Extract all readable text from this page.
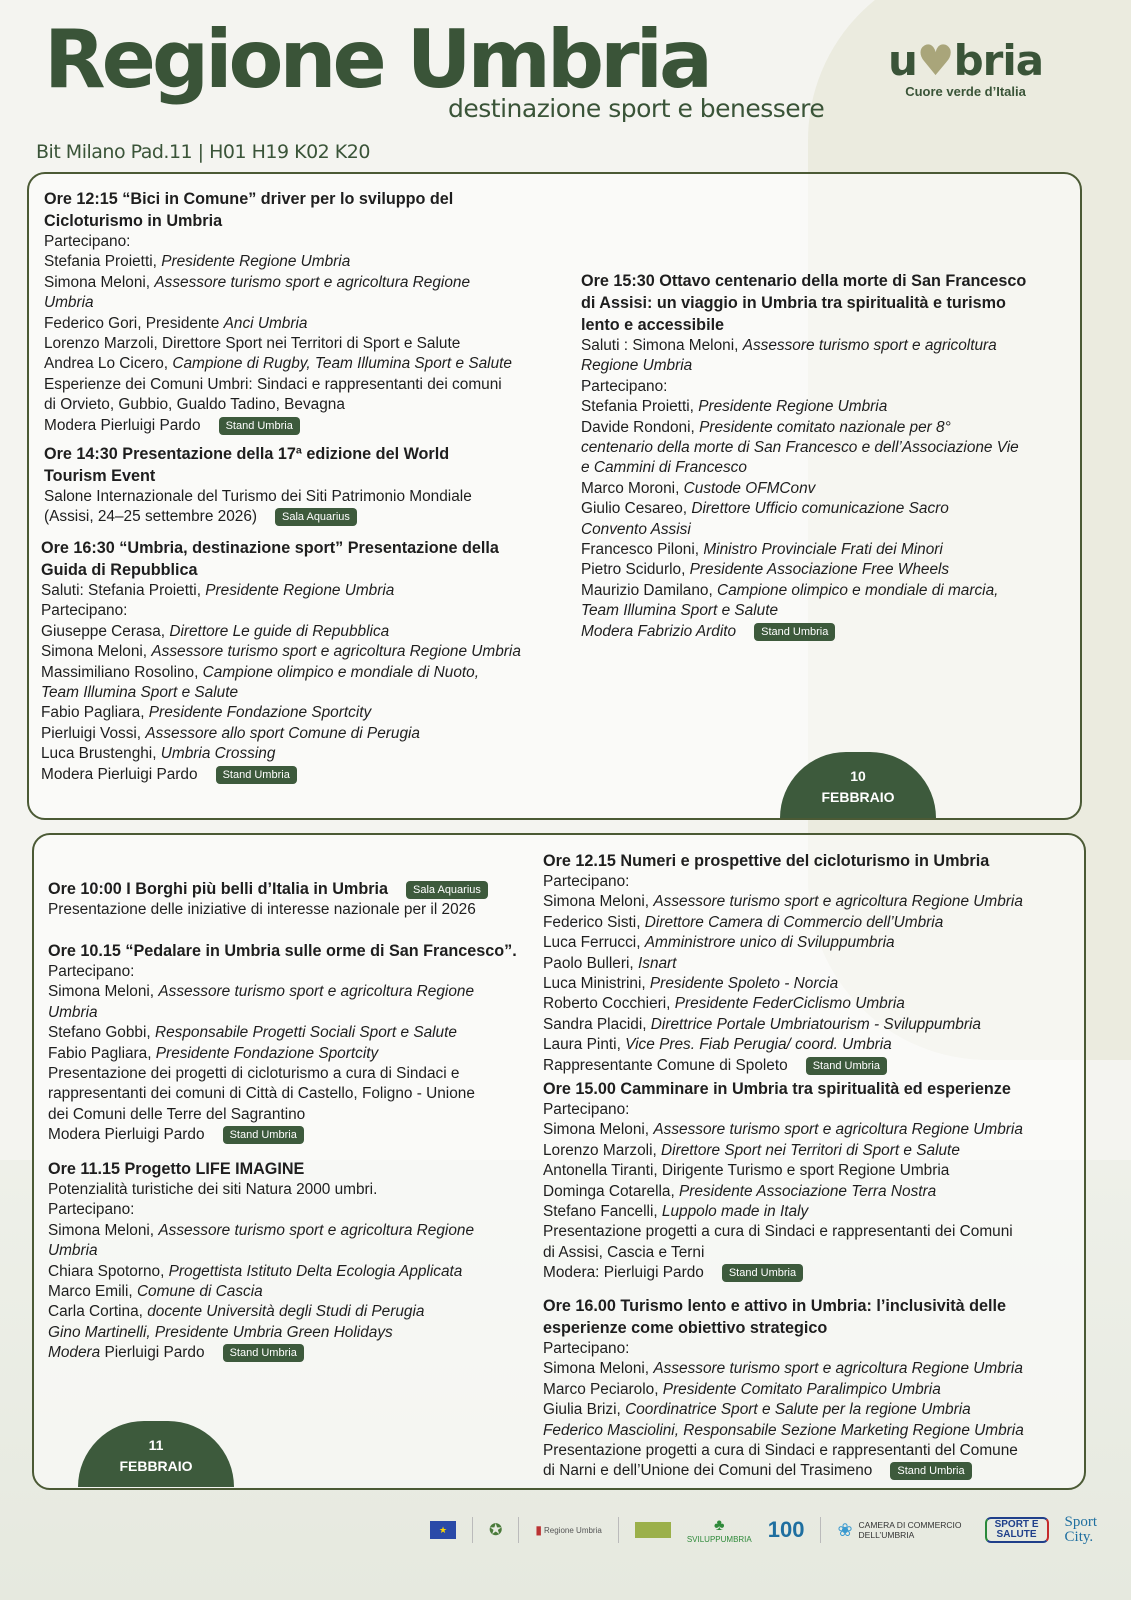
Regione Umbria
destinazione sport e benessere
Bit Milano Pad.11 | H01 H19 K02 K20
u♥bria
Cuore verde d’Italia
Ore 12:15 “Bici in Comune” driver per lo sviluppo del
Cicloturismo in Umbria
Partecipano:
Stefania Proietti, Presidente Regione Umbria
Simona Meloni, Assessore turismo sport e agricoltura Regione
Umbria
Federico Gori, Presidente Anci Umbria
Lorenzo Marzoli, Direttore Sport nei Territori di Sport e Salute
Andrea Lo Cicero, Campione di Rugby, Team Illumina Sport e Salute
Esperienze dei Comuni Umbri: Sindaci e rappresentanti dei comuni
di Orvieto, Gubbio, Gualdo Tadino, Bevagna
Modera Pierluigi Pardo Stand Umbria
Ore 14:30 Presentazione della 17ª edizione del World
Tourism Event
Salone Internazionale del Turismo dei Siti Patrimonio Mondiale
(Assisi, 24–25 settembre 2026) Sala Aquarius
Ore 16:30 “Umbria, destinazione sport” Presentazione della
Guida di Repubblica
Saluti: Stefania Proietti, Presidente Regione Umbria
Partecipano:
Giuseppe Cerasa, Direttore Le guide di Repubblica
Simona Meloni, Assessore turismo sport e agricoltura Regione Umbria
Massimiliano Rosolino, Campione olimpico e mondiale di Nuoto,
Team Illumina Sport e Salute
Fabio Pagliara, Presidente Fondazione Sportcity
Pierluigi Vossi, Assessore allo sport Comune di Perugia
Luca Brustenghi, Umbria Crossing
Modera Pierluigi Pardo Stand Umbria
Ore 15:30 Ottavo centenario della morte di San Francesco
di Assisi: un viaggio in Umbria tra spiritualità e turismo
lento e accessibile
Saluti : Simona Meloni, Assessore turismo sport e agricoltura
Regione Umbria
Partecipano:
Stefania Proietti, Presidente Regione Umbria
Davide Rondoni, Presidente comitato nazionale per 8°
centenario della morte di San Francesco e dell’Associazione Vie
e Cammini di Francesco
Marco Moroni, Custode OFMConv
Giulio Cesareo, Direttore Ufficio comunicazione Sacro
Convento Assisi
Francesco Piloni, Ministro Provinciale Frati dei Minori
Pietro Scidurlo, Presidente Associazione Free Wheels
Maurizio Damilano, Campione olimpico e mondiale di marcia,
Team Illumina Sport e Salute
Modera Fabrizio Ardito Stand Umbria
Ore 10:00 I Borghi più belli d’Italia in Umbria Sala Aquarius
Presentazione delle iniziative di interesse nazionale per il 2026
Ore 10.15 “Pedalare in Umbria sulle orme di San Francesco”.
Partecipano:
Simona Meloni, Assessore turismo sport e agricoltura Regione
Umbria
Stefano Gobbi, Responsabile Progetti Sociali Sport e Salute
Fabio Pagliara, Presidente Fondazione Sportcity
Presentazione dei progetti di cicloturismo a cura di Sindaci e
rappresentanti dei comuni di Città di Castello, Foligno - Unione
dei Comuni delle Terre del Sagrantino
Modera Pierluigi Pardo Stand Umbria
Ore 11.15 Progetto LIFE IMAGINE
Potenzialità turistiche dei siti Natura 2000 umbri.
Partecipano:
Simona Meloni, Assessore turismo sport e agricoltura Regione
Umbria
Chiara Spotorno, Progettista Istituto Delta Ecologia Applicata
Marco Emili, Comune di Cascia
Carla Cortina, docente Università degli Studi di Perugia
Gino Martinelli, Presidente Umbria Green Holidays
Modera Pierluigi Pardo Stand Umbria
Ore 12.15 Numeri e prospettive del cicloturismo in Umbria
Partecipano:
Simona Meloni, Assessore turismo sport e agricoltura Regione Umbria
Federico Sisti, Direttore Camera di Commercio dell’Umbria
Luca Ferrucci, Amministrore unico di Sviluppumbria
Paolo Bulleri, Isnart
Luca Ministrini, Presidente Spoleto - Norcia
Roberto Cocchieri, Presidente FederCiclismo Umbria
Sandra Placidi, Direttrice Portale Umbriatourism - Sviluppumbria
Laura Pinti, Vice Pres. Fiab Perugia/ coord. Umbria
Rappresentante Comune di Spoleto Stand Umbria
Ore 15.00 Camminare in Umbria tra spiritualità ed esperienze
Partecipano:
Simona Meloni, Assessore turismo sport e agricoltura Regione Umbria
Lorenzo Marzoli, Direttore Sport nei Territori di Sport e Salute
Antonella Tiranti, Dirigente Turismo e sport Regione Umbria
Dominga Cotarella, Presidente Associazione Terra Nostra
Stefano Fancelli, Luppolo made in Italy
Presentazione progetti a cura di Sindaci e rappresentanti dei Comuni
di Assisi, Cascia e Terni
Modera: Pierluigi Pardo Stand Umbria
Ore 16.00 Turismo lento e attivo in Umbria: l’inclusività delle
esperienze come obiettivo strategico
Partecipano:
Simona Meloni, Assessore turismo sport e agricoltura Regione Umbria
Marco Peciarolo, Presidente Comitato Paralimpico Umbria
Giulia Brizi, Coordinatrice Sport e Salute per la regione Umbria
Federico Masciolini, Responsabile Sezione Marketing Regione Umbria
Presentazione progetti a cura di Sindaci e rappresentanti del Comune
di Narni e dell’Unione dei Comuni del Trasimeno Stand Umbria
10
FEBBRAIO
11
FEBBRAIO
★	✪	▮ Regione Umbria	♣
SVILUPPUMBRIA 100 ❀ CAMERA DI COMMERCIO DELL’UMBRIA
SPORT E SALUTE
Sport City.
